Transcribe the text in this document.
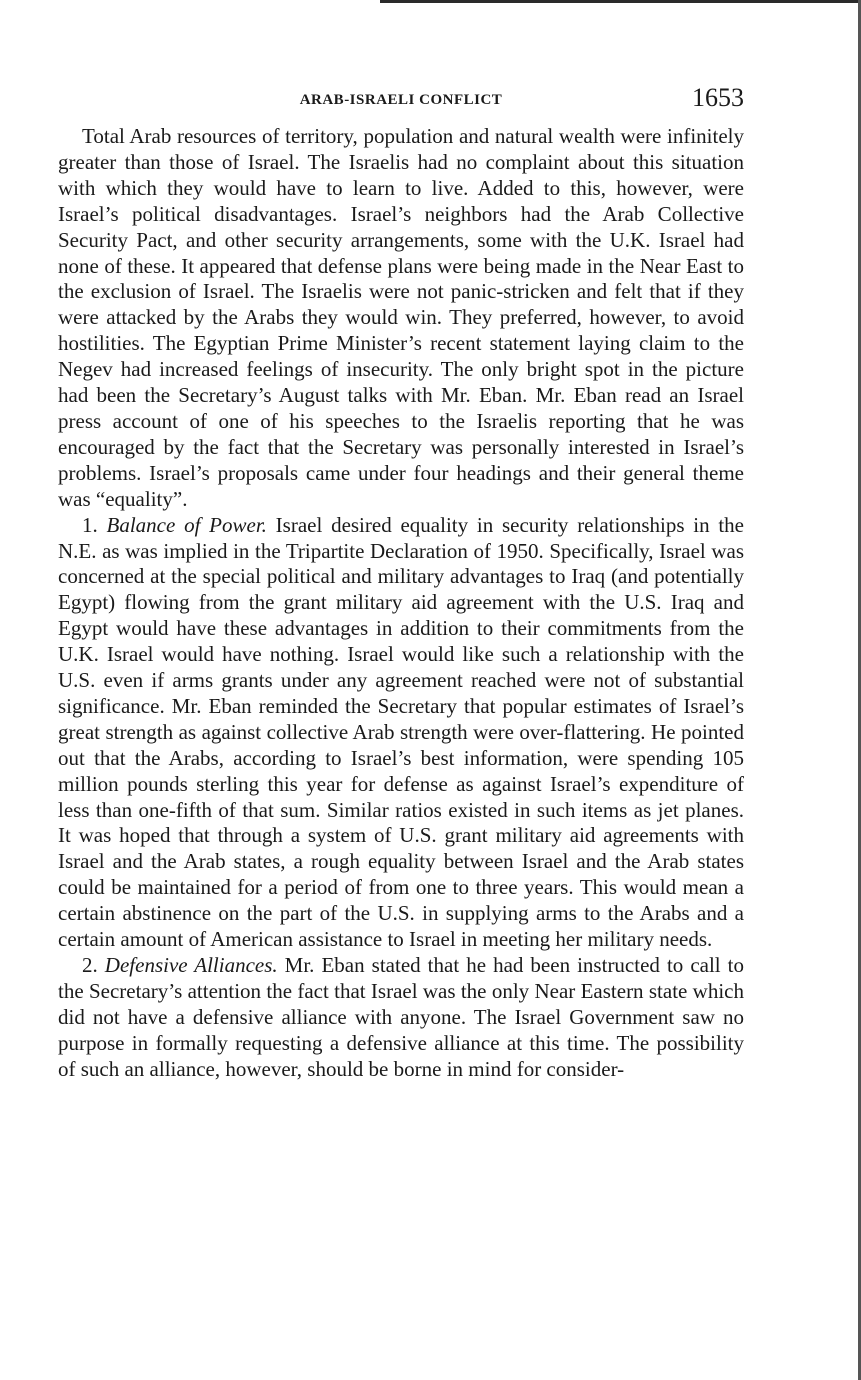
ARAB-ISRAELI CONFLICT	1653

Total Arab resources of territory, population and natural wealth were infinitely greater than those of Israel. The Israelis had no complaint about this situation with which they would have to learn to live. Added to this, however, were Israel’s political disadvantages. Israel’s neighbors had the Arab Collective Security Pact, and other security arrangements, some with the U.K. Israel had none of these. It appeared that defense plans were being made in the Near East to the exclusion of Israel. The Israelis were not panic-stricken and felt that if they were attacked by the Arabs they would win. They preferred, however, to avoid hostilities. The Egyptian Prime Minister’s recent statement laying claim to the Negev had increased feelings of insecurity. The only bright spot in the picture had been the Secretary’s August talks with Mr. Eban. Mr. Eban read an Israel press account of one of his speeches to the Israelis reporting that he was encouraged by the fact that the Secretary was personally interested in Israel’s problems. Israel’s proposals came under four headings and their general theme was “equality”.

1. Balance of Power. Israel desired equality in security relationships in the N.E. as was implied in the Tripartite Declaration of 1950. Specifically, Israel was concerned at the special political and military advantages to Iraq (and potentially Egypt) flowing from the grant military aid agreement with the U.S. Iraq and Egypt would have these advantages in addition to their commitments from the U.K. Israel would have nothing. Israel would like such a relationship with the U.S. even if arms grants under any agreement reached were not of substantial significance. Mr. Eban reminded the Secretary that popular estimates of Israel’s great strength as against collective Arab strength were over-flattering. He pointed out that the Arabs, according to Israel’s best information, were spending 105 million pounds sterling this year for defense as against Israel’s expenditure of less than one-fifth of that sum. Similar ratios existed in such items as jet planes. It was hoped that through a system of U.S. grant military aid agreements with Israel and the Arab states, a rough equality between Israel and the Arab states could be maintained for a period of from one to three years. This would mean a certain abstinence on the part of the U.S. in supplying arms to the Arabs and a certain amount of American assistance to Israel in meeting her military needs.

2. Defensive Alliances. Mr. Eban stated that he had been instructed to call to the Secretary’s attention the fact that Israel was the only Near Eastern state which did not have a defensive alliance with anyone. The Israel Government saw no purpose in formally requesting a defensive alliance at this time. The possibility of such an alliance, however, should be borne in mind for consider-
